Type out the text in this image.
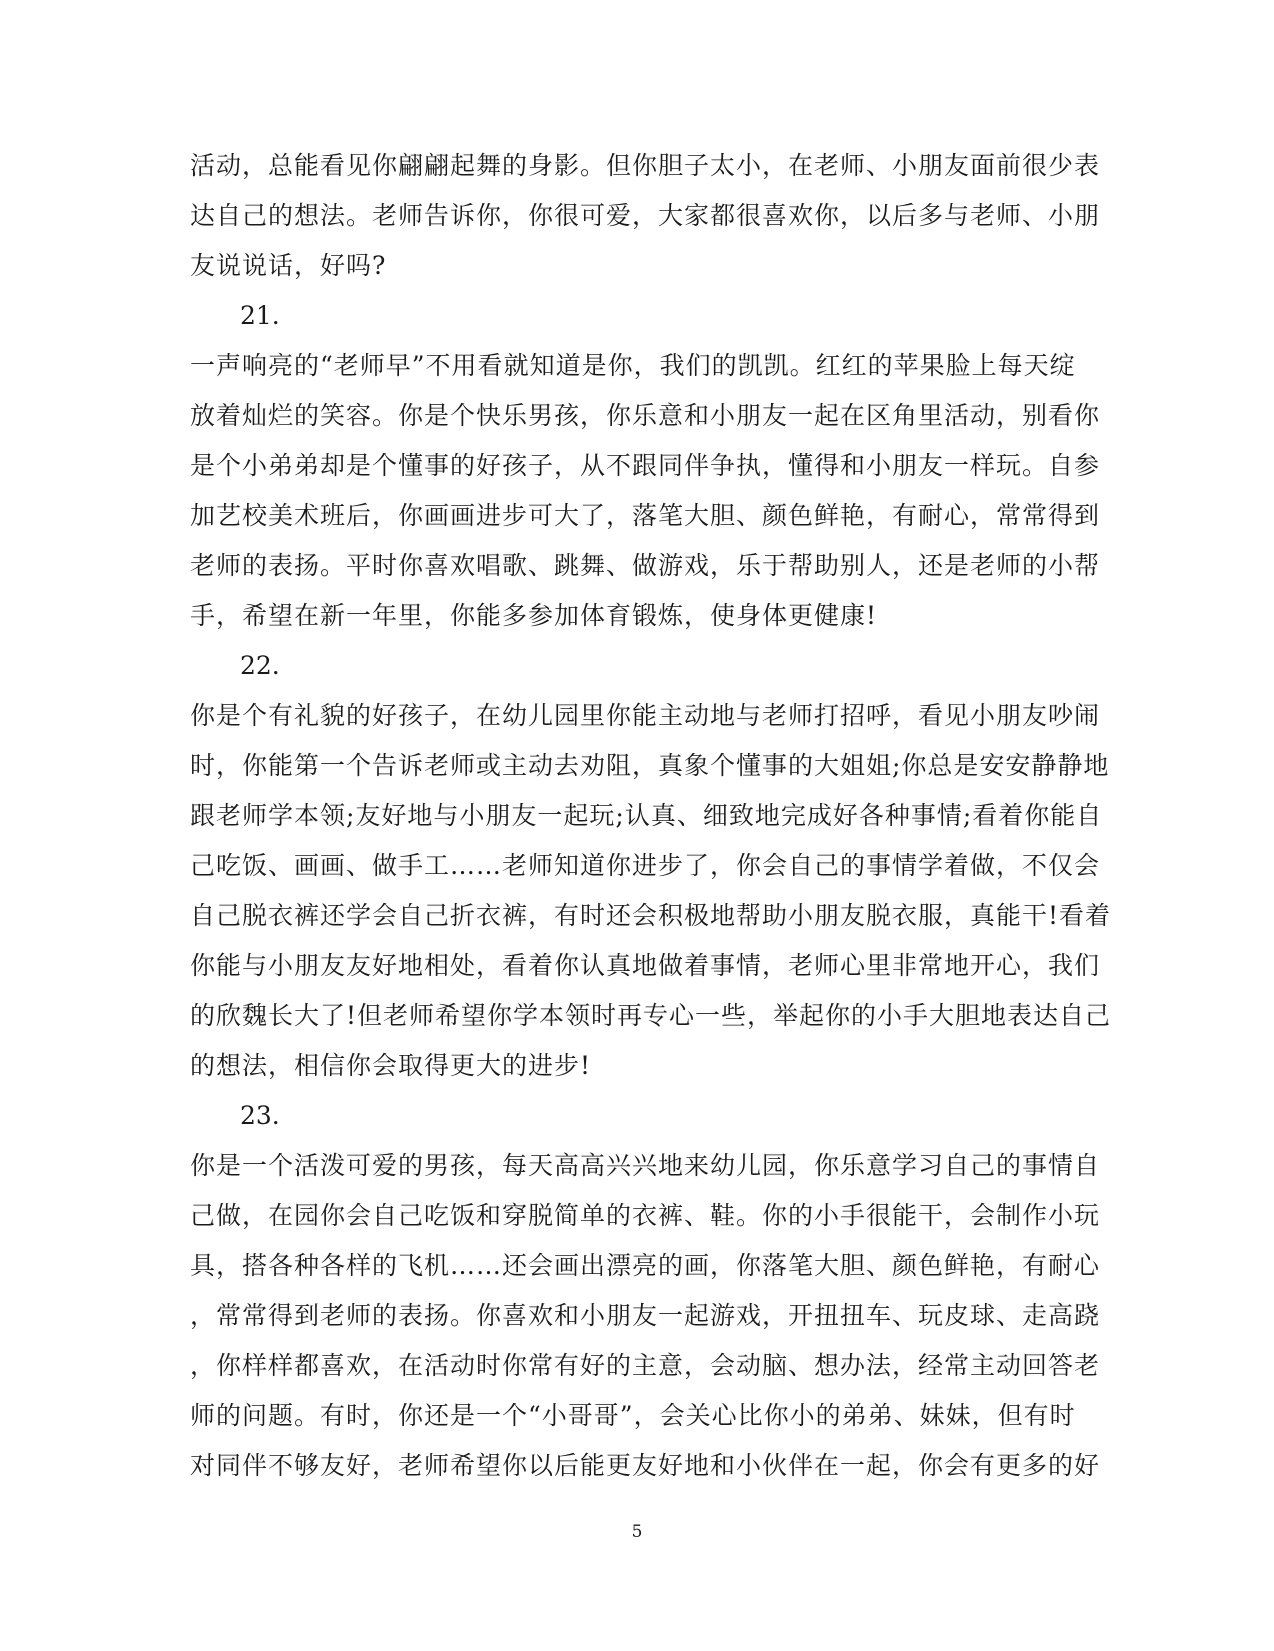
活动，总能看见你翩翩起舞的身影。但你胆子太小，在老师、小朋友面前很少表
达自己的想法。老师告诉你，你很可爱，大家都很喜欢你，以后多与老师、小朋
友说说话，好吗?
21.
一声响亮的“老师早”不用看就知道是你，我们的凯凯。红红的苹果脸上每天绽
放着灿烂的笑容。你是个快乐男孩，你乐意和小朋友一起在区角里活动，别看你
是个小弟弟却是个懂事的好孩子，从不跟同伴争执，懂得和小朋友一样玩。自参
加艺校美术班后，你画画进步可大了，落笔大胆、颜色鲜艳，有耐心，常常得到
老师的表扬。平时你喜欢唱歌、跳舞、做游戏，乐于帮助别人，还是老师的小帮
手，希望在新一年里，你能多参加体育锻炼，使身体更健康!
22.
你是个有礼貌的好孩子，在幼儿园里你能主动地与老师打招呼，看见小朋友吵闹
时，你能第一个告诉老师或主动去劝阻，真象个懂事的大姐姐;你总是安安静静地
跟老师学本领;友好地与小朋友一起玩;认真、细致地完成好各种事情;看着你能自
己吃饭、画画、做手工……老师知道你进步了，你会自己的事情学着做，不仅会
自己脱衣裤还学会自己折衣裤，有时还会积极地帮助小朋友脱衣服，真能干!看着
你能与小朋友友好地相处，看着你认真地做着事情，老师心里非常地开心，我们
的欣魏长大了!但老师希望你学本领时再专心一些，举起你的小手大胆地表达自己
的想法，相信你会取得更大的进步!
23.
你是一个活泼可爱的男孩，每天高高兴兴地来幼儿园，你乐意学习自己的事情自
己做，在园你会自己吃饭和穿脱简单的衣裤、鞋。你的小手很能干，会制作小玩
具，搭各种各样的飞机……还会画出漂亮的画，你落笔大胆、颜色鲜艳，有耐心
，常常得到老师的表扬。你喜欢和小朋友一起游戏，开扭扭车、玩皮球、走高跷
，你样样都喜欢，在活动时你常有好的主意，会动脑、想办法，经常主动回答老
师的问题。有时，你还是一个“小哥哥”，会关心比你小的弟弟、妹妹，但有时
对同伴不够友好，老师希望你以后能更友好地和小伙伴在一起，你会有更多的好
5
